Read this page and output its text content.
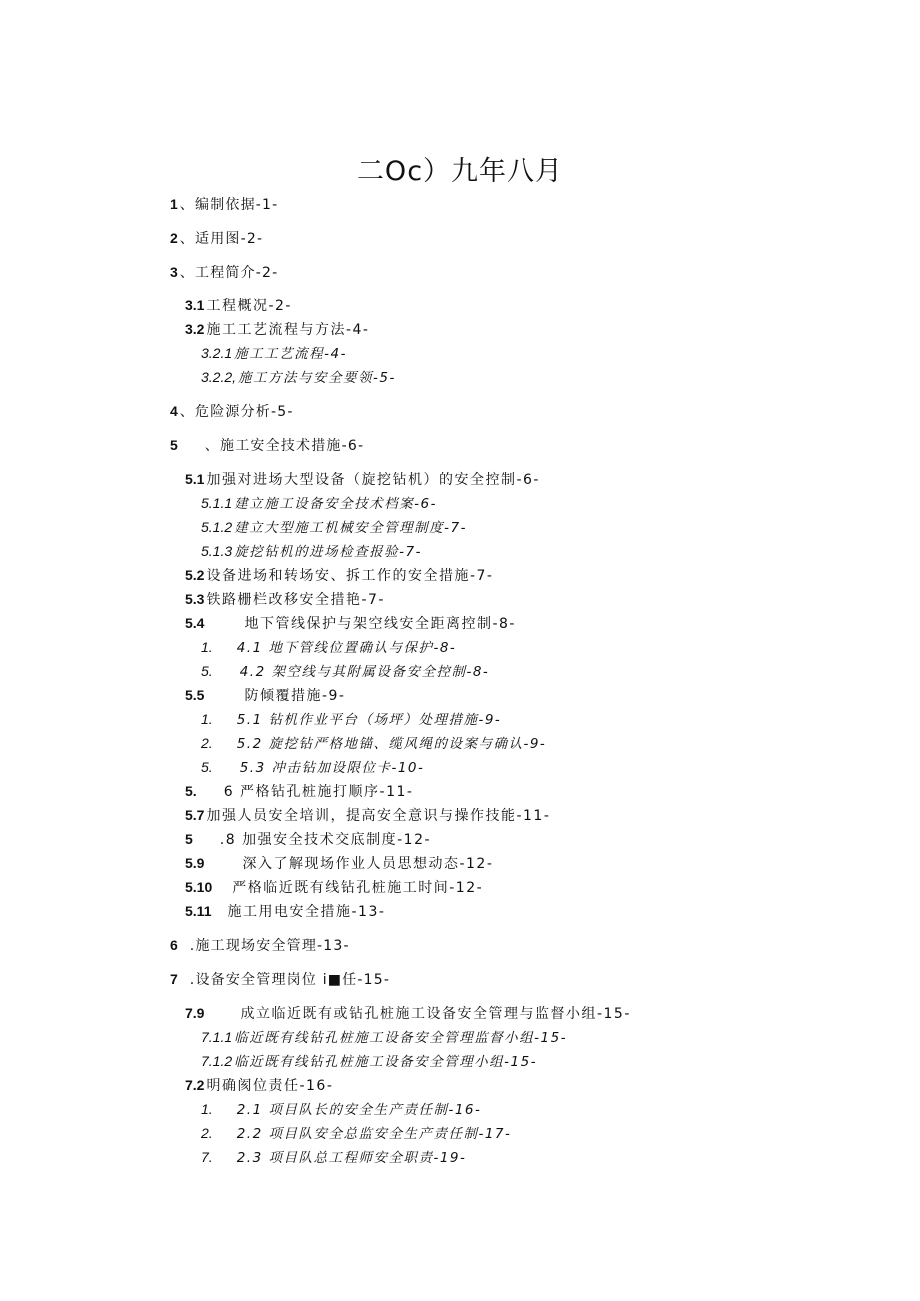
二Oc）九年八月
1 、编制依据-1-
2 、适用图-2-
3 、工程简介-2-
3.1 工程概况-2-
3.2 施工工艺流程与方法-4-
3.2.1 施工工艺流程-4-
3.2.2, 施工方法与安全要领-5-
4 、危险源分析-5-
5 、施工安全技术措施-6-
5.1 加强对进场大型设备（旋挖钻机）的安全控制-6-
5.1.1 建立施工设备安全技术档案-6-
5.1.2 建立大型施工机械安全管理制度-7-
5.1.3 旋挖钻机的进场检查报验-7-
5.2 设备进场和转场安、拆工作的安全措施-7-
5.3 铁路栅栏改移安全措艳-7-
5.4	地下管线保护与架空线安全距离控制-8-
1. 4.1 地下管线位置确认与保护-8-
5. 4.2 架空线与其附属设备安全控制-8-
5.5	防倾覆措施-9-
1. 5.1 钻机作业平台（场坪）处理措施-9-
2. 5.2 旋挖钻严格地锚、缆风绳的设案与确认-9-
5. 5.3 冲击钻加设限位卡-10-
5. 6 严格钻孔桩施打顺序-11-
5.7 加强人员安全培训，提高安全意识与操作技能-11-
5 .8 加强安全技术交底制度-12-
5.9	深入了解现场作业人员思想动态-12-
5.10 严格临近既有线钻孔桩施工时间-12-
5.11 施工用电安全措施-13-
6 .施工现场安全管理-13-
7 .设备安全管理岗位 i■任-15-
7.9	成立临近既有或钻孔桩施工设备安全管理与监督小组-15-
7.1.1 临近既有线钻孔桩施工设备安全管理监督小组-15-
7.1.2 临近既有线钻孔桩施工设备安全管理小组-15-
7.2 明确阂位责任-16-
1. 2.1 项目队长的安全生产责任制-16-
2. 2.2 项目队安全总监安全生产责任制-17-
7. 2.3 项目队总工程师安全职责-19-
